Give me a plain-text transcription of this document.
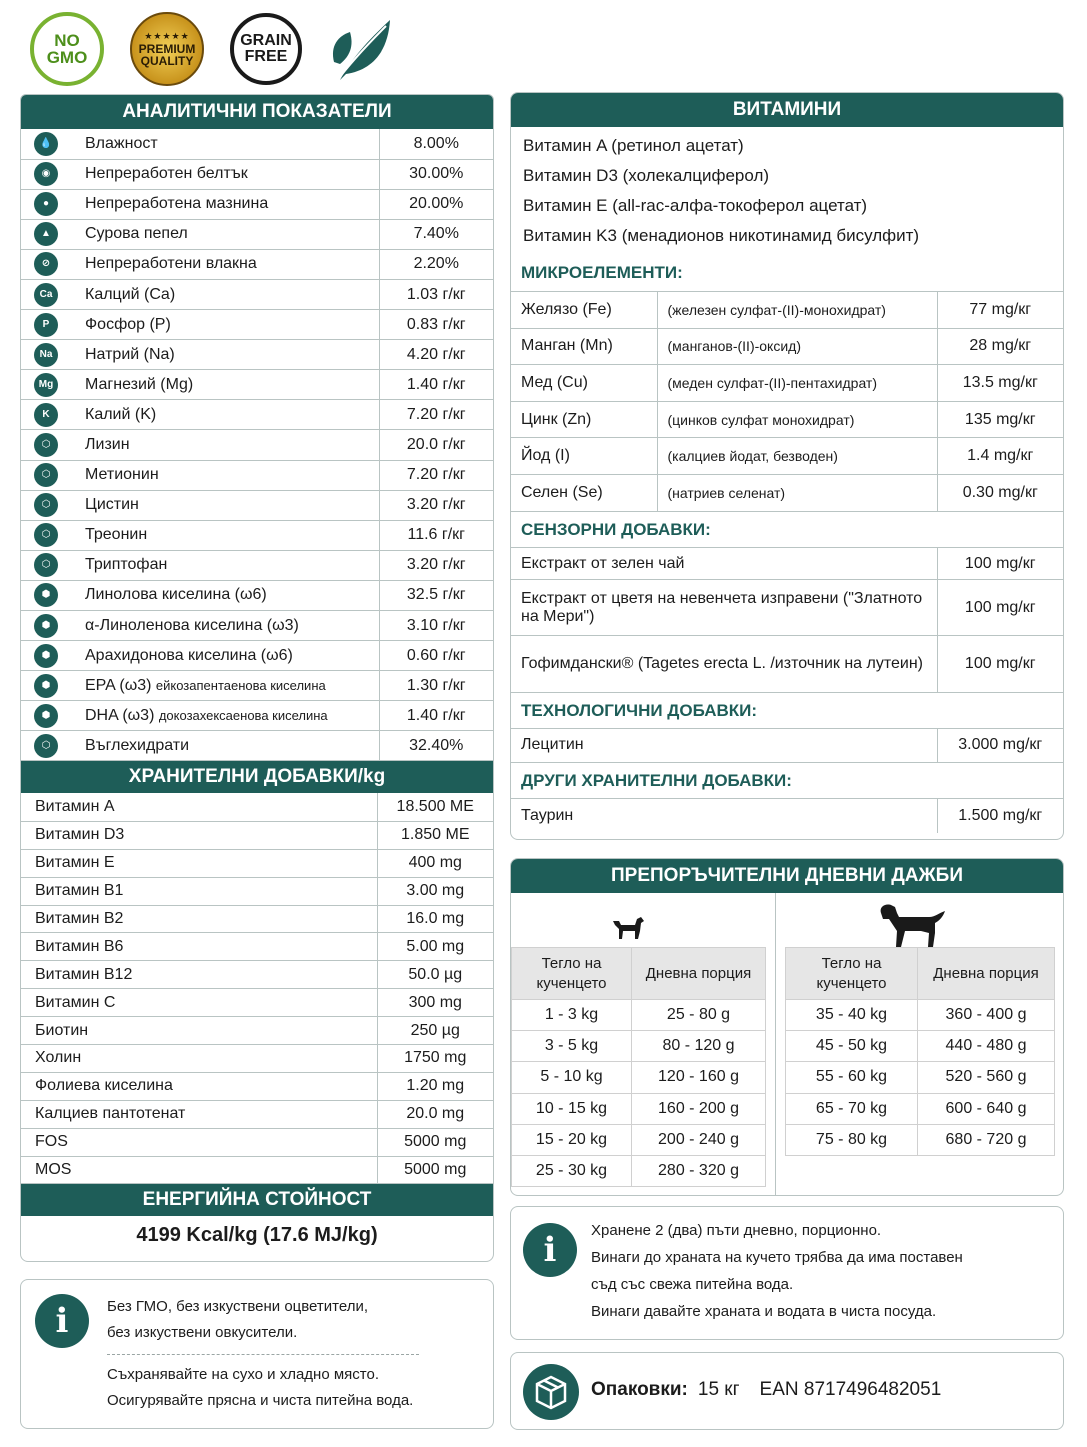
NO
GMO
★★★★★
PREMIUM
QUALITY
GRAIN
FREE
АНАЛИТИЧНИ ПОКАЗАТЕЛИ
💧	Влажност	8.00%
◉	Непреработен белтък	30.00%
●	Непреработена мазнина	20.00%
▲	Сурова пепел	7.40%
⊘	Непреработени влакна	2.20%
Ca	Калций (Ca)	1.03 г/кг
P	Фосфор (P)	0.83 г/кг
Na	Натрий (Na)	4.20 г/кг
Mg	Магнезий (Mg)	1.40 г/кг
K	Калий (K)	7.20 г/кг
⬡	Лизин	20.0 г/кг
⬡	Метионин	7.20 г/кг
⬡	Цистин	3.20 г/кг
⬡	Треонин	11.6 г/кг
⬡	Триптофан	3.20 г/кг
⬢	Линолова киселина (ω6)	32.5 г/кг
⬢	α-Линоленова киселина (ω3)	3.10 г/кг
⬢	Арахидонова киселина (ω6)	0.60 г/кг
⬢	EPA (ω3) ейкозапентаенова киселина	1.30 г/кг
⬢	DHA (ω3) докозахексаенова киселина	1.40 г/кг
⬡	Въглехидрати	32.40%
ХРАНИТЕЛНИ ДОБАВКИ/kg
Витамин A	18.500 ME
Витамин D3	1.850 ME
Витамин E	400 mg
Витамин B1	3.00 mg
Витамин B2	16.0 mg
Витамин B6	5.00 mg
Витамин B12	50.0 µg
Витамин C	300 mg
Биотин	250 µg
Холин	1750 mg
Фолиева киселина	1.20 mg
Калциев пантотенат	20.0 mg
FOS	5000 mg
MOS	5000 mg
ЕНЕРГИЙНА СТОЙНОСТ
4199 Kcal/kg (17.6 MJ/kg)
i	Без ГМО, без изкуствени оцветители,
без изкуствени овкусители.
Съхранявайте на сухо и хладно място.
Осигурявайте прясна и чиста питейна вода.
ВИТАМИНИ
Витамин A (ретинол ацетат)
Витамин D3 (холекалциферол)
Витамин E (all-rac-алфа-токоферол ацетат)
Витамин K3 (менадионов никотинамид бисулфит)
МИКРОЕЛЕМЕНТИ:
Желязо (Fe)	(железен сулфат-(II)-монохидрат)	77 mg/кг
Манган (Mn)	(манганов-(II)-оксид)	28 mg/кг
Мед (Cu)	(меден сулфат-(II)-пентахидрат)	13.5 mg/кг
Цинк (Zn)	(цинков сулфат монохидрат)	135 mg/кг
Йод (I)	(калциев йодат, безводен)	1.4 mg/кг
Селен (Se)	(натриев селенат)	0.30 mg/кг
СЕНЗОРНИ ДОБАВКИ:
Екстракт от зелен чай	100 mg/кг
Екстракт от цветя на невенчета изправени ("Златното на Мери")	100 mg/кг
Гофимдански® (Tagetes erecta L. /източник на лутеин)	100 mg/кг
ТЕХНОЛОГИЧНИ ДОБАВКИ:
Лецитин	3.000 mg/кг
ДРУГИ ХРАНИТЕЛНИ ДОБАВКИ:
Таурин	1.500 mg/кг
ПРЕПОРЪЧИТЕЛНИ ДНЕВНИ ДАЖБИ
Тегло на кученцето	Дневна порция
1 - 3 kg	25 - 80 g
3 - 5 kg	80 - 120 g
5 - 10 kg	120 - 160 g
10 - 15 kg	160 - 200 g
15 - 20 kg	200 - 240 g
25 - 30 kg	280 - 320 g
Тегло на кученцето	Дневна порция
35 - 40 kg	360 - 400 g
45 - 50 kg	440 - 480 g
55 - 60 kg	520 - 560 g
65 - 70 kg	600 - 640 g
75 - 80 kg	680 - 720 g
i	Хранене 2 (два) пъти дневно, порционно.
Винаги до храната на кучето трябва да има поставен
съд със свежа питейна вода.
Винаги давайте храната и водата в чиста посуда.
Опаковки: 15 кг EAN 8717496482051
